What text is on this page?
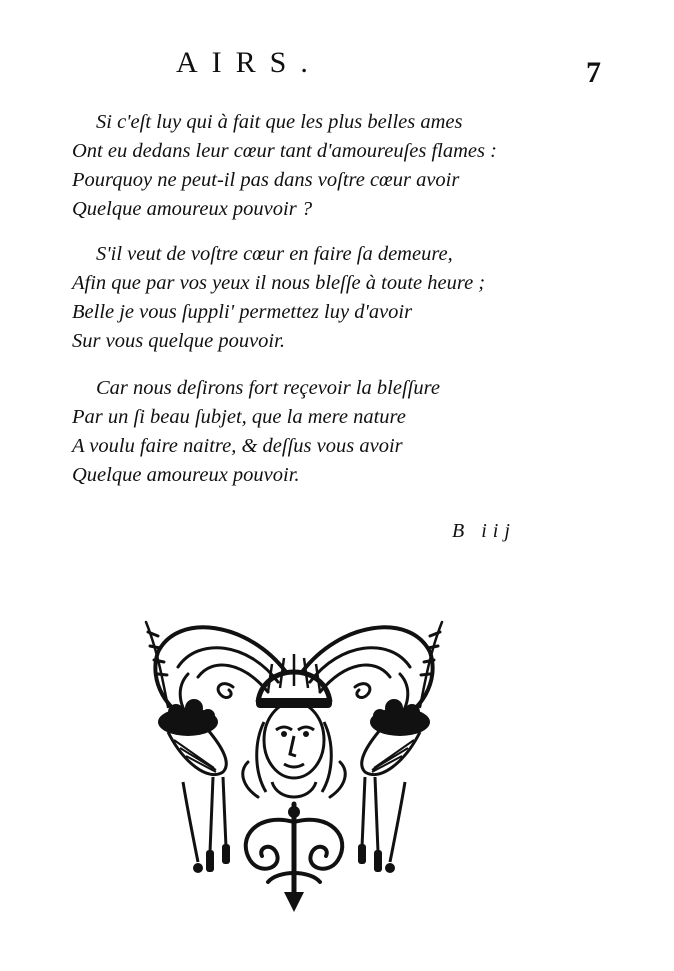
AIRS.	7
Si c'eſt luy qui à fait que les plus belles ames
Ont eu dedans leur cœur tant d'amoureuſes flames :
Pourquoy ne peut-il pas dans voſtre cœur avoir
Quelque amoureux pouvoir ?
S'il veut de voſtre cœur en faire ſa demeure,
Afin que par vos yeux il nous bleſſe à toute heure ;
Belle je vous ſuppli' permettez luy d'avoir
Sur vous quelque pouvoir.
Car nous deſirons fort reçevoir la bleſſure
Par un ſi beau ſubjet, que la mere nature
A voulu faire naitre, & deſſus vous avoir
Quelque amoureux pouvoir.
B iij
